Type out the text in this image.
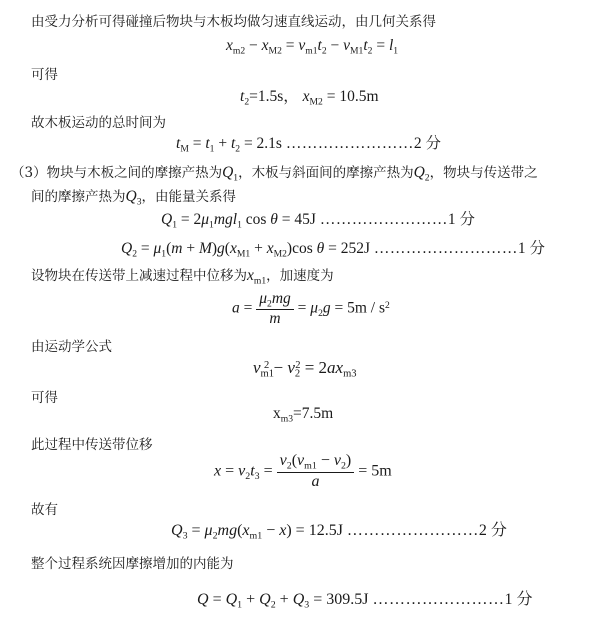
由受力分析可得碰撞后物块与木板均做匀速直线运动，由几何关系得
$x_{m2} - x_{M2} = v_{m1}t_2 - v_{M1}t_2 = l_1$
可得
$t_2=1.5s$， $x_{M2} = 10.5m$
故木板运动的总时间为
$t_M = t_1 + t_2 = 2.1s$ ……………………2 分
（3）物块与木板之间的摩擦产热为$Q_1$，木板与斜面间的摩擦产热为$Q_2$，物块与传送带之
间的摩擦产热为$Q_3$，由能量关系得
$Q_1 = 2\mu_1mgl_1$ cos θ = 45J ……………………1 分
$Q_2 = \mu_1(m + M)g(x_{M1} + x_{M2})\cos$ θ = 252J ………………………1 分
设物块在传送带上减速过程中位移为$x_{m1}$，加速度为
$a = \frac{\mu_2mg}{m} = \mu_2g = 5m / s^2$
由运动学公式
$v_{m1}^2 - v_2^2 = 2ax_{m3}$
可得
$x_{m3}=7.5m$
此过程中传送带位移
$x = v_2t_3 = \frac{v_2(v_{m1} - v_2)}{a} = 5m$
故有
$Q_3 = \mu_2mg(x_{m1} - x) = 12.5J$ ……………………2 分
整个过程系统因摩擦增加的内能为
$Q = Q_1 + Q_2 + Q_3 = 309.5J$ ……………………1 分
